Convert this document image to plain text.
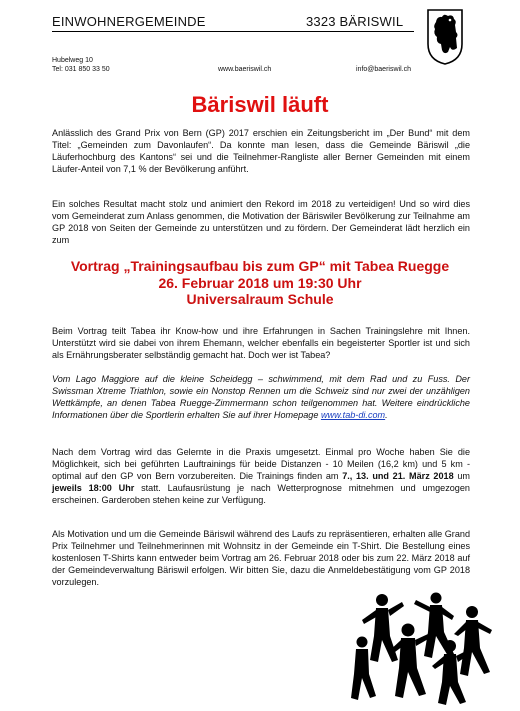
EINWOHNERGEMEINDE	3323 BÄRISWIL
Hubelweg 10
Tel: 031 850 33 50	www.baeriswil.ch	info@baeriswil.ch
Bäriswil läuft

Anlässlich des Grand Prix von Bern (GP) 2017 erschien ein Zeitungsbericht im „Der Bund“ mit dem Titel: „Gemeinden zum Davonlaufen“. Da konnte man lesen, dass die Gemeinde Bäriswil „die Läuferhochburg des Kantons“ sei und die Teilnehmer-Rangliste aller Berner Gemeinden mit einem Läufer-Anteil von 7,1 % der Bevölkerung anführt.

Ein solches Resultat macht stolz und animiert den Rekord im 2018 zu verteidigen! Und so wird dies vom Gemeinderat zum Anlass genommen, die Motivation der Bäriswiler Bevölkerung zur Teilnahme am GP 2018 von Seiten der Gemeinde zu unterstützen und zu fördern. Der Gemeinderat lädt herzlich ein zum

Vortrag „Trainingsaufbau bis zum GP“ mit Tabea Ruegge
26. Februar 2018 um 19:30 Uhr
Universalraum Schule

Beim Vortrag teilt Tabea ihr Know-how und ihre Erfahrungen in Sachen Trainingslehre mit Ihnen. Unterstützt wird sie dabei von ihrem Ehemann, welcher ebenfalls ein begeisterter Sportler ist und sich als Ernährungsberater selbständig gemacht hat. Doch wer ist Tabea?

Vom Lago Maggiore auf die kleine Scheidegg – schwimmend, mit dem Rad und zu Fuss. Der Swissman Xtreme Triathlon, sowie ein Nonstop Rennen um die Schweiz sind nur zwei der unzähligen Wettkämpfe, an denen Tabea Ruegge-Zimmermann schon teilgenommen hat. Weitere eindrückliche Informationen über die Sportlerin erhalten Sie auf ihrer Homepage www.tab-di.com.

Nach dem Vortrag wird das Gelernte in die Praxis umgesetzt. Einmal pro Woche haben Sie die Möglichkeit, sich bei geführten Lauftrainings für beide Distanzen - 10 Meilen (16,2 km) und 5 km - optimal auf den GP von Bern vorzubereiten. Die Trainings finden am 7., 13. und 21. März 2018 um jeweils 18:00 Uhr statt. Laufausrüstung je nach Wetterprognose mitnehmen und umgezogen erscheinen. Garderoben stehen keine zur Verfügung.

Als Motivation und um die Gemeinde Bäriswil während des Laufs zu repräsentieren, erhalten alle Grand Prix Teilnehmer und Teilnehmerinnen mit Wohnsitz in der Gemeinde ein T-Shirt. Die Bestellung eines kostenlosen T-Shirts kann entweder beim Vortrag am 26. Februar 2018 oder bis zum 22. März 2018 auf der Gemeindeverwaltung Bäriswil erfolgen. Wir bitten Sie, dazu die Anmeldebestätigung vom GP 2018 vorzulegen.
